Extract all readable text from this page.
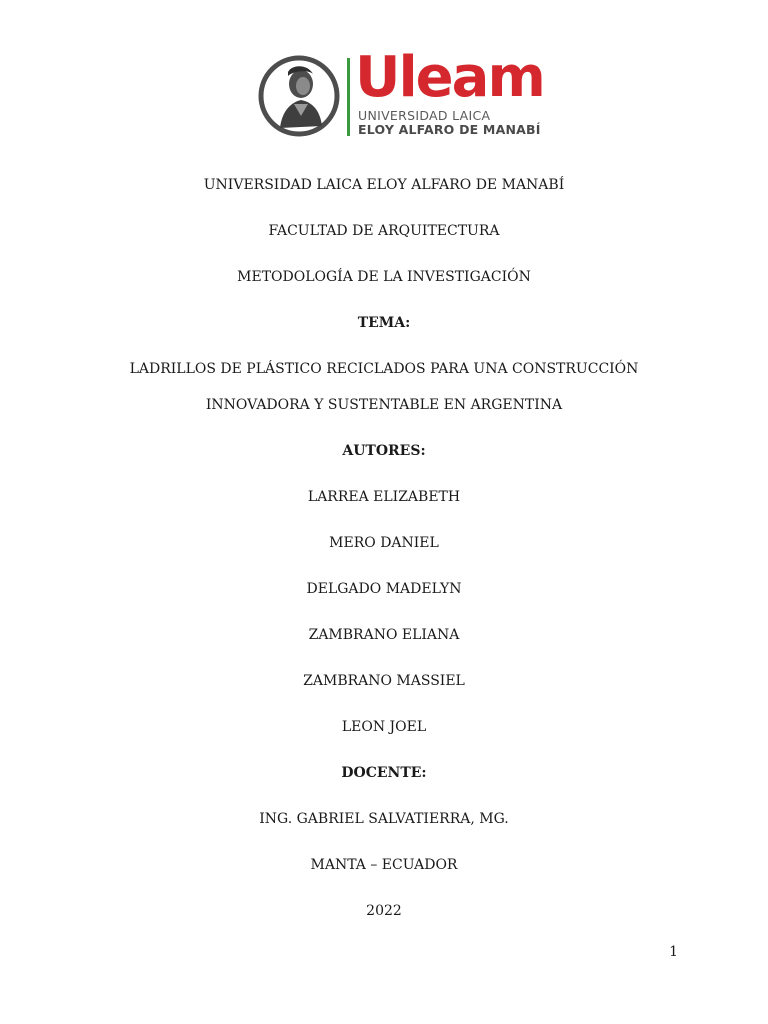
Uleam
UNIVERSIDAD LAICA
ELOY ALFARO DE MANABÍ
UNIVERSIDAD LAICA ELOY ALFARO DE MANABÍ
FACULTAD DE ARQUITECTURA
METODOLOGÍA DE LA INVESTIGACIÓN
TEMA:
LADRILLOS DE PLÁSTICO RECICLADOS PARA UNA CONSTRUCCIÓN
INNOVADORA Y SUSTENTABLE EN ARGENTINA
AUTORES:
LARREA ELIZABETH
MERO DANIEL
DELGADO MADELYN
ZAMBRANO ELIANA
ZAMBRANO MASSIEL
LEON JOEL
DOCENTE:
ING. GABRIEL SALVATIERRA, MG.
MANTA – ECUADOR
2022
1
